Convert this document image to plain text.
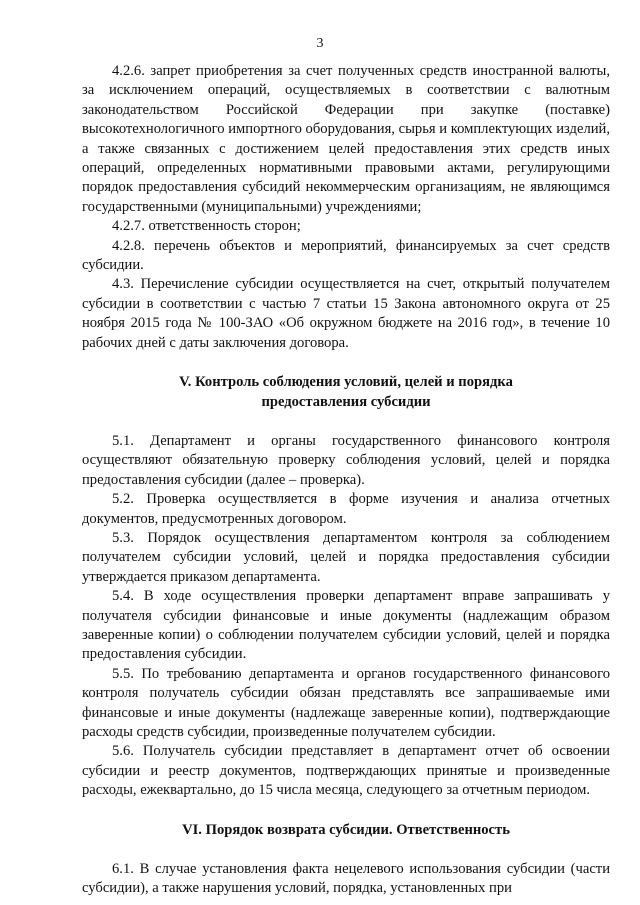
3

4.2.6. запрет приобретения за счет полученных средств иностранной валюты, за исключением операций, осуществляемых в соответствии с валютным законодательством Российской Федерации при закупке (поставке) высокотехнологичного импортного оборудования, сырья и комплектующих изделий, а также связанных с достижением целей предоставления этих средств иных операций, определенных нормативными правовыми актами, регулирующими порядок предоставления субсидий некоммерческим организациям, не являющимся государственными (муниципальными) учреждениями;

4.2.7. ответственность сторон;

4.2.8. перечень объектов и мероприятий, финансируемых за счет средств субсидии.

4.3. Перечисление субсидии осуществляется на счет, открытый получателем субсидии в соответствии с частью 7 статьи 15 Закона автономного округа от 25 ноября 2015 года № 100-ЗАО «Об окружном бюджете на 2016 год», в течение 10 рабочих дней с даты заключения договора.

V. Контроль соблюдения условий, целей и порядка

предоставления субсидии

5.1. Департамент и органы государственного финансового контроля осуществляют обязательную проверку соблюдения условий, целей и порядка предоставления субсидии (далее – проверка).

5.2. Проверка осуществляется в форме изучения и анализа отчетных документов, предусмотренных договором.

5.3. Порядок осуществления департаментом контроля за соблюдением получателем субсидии условий, целей и порядка предоставления субсидии утверждается приказом департамента.

5.4. В ходе осуществления проверки департамент вправе запрашивать у получателя субсидии финансовые и иные документы (надлежащим образом заверенные копии) о соблюдении получателем субсидии условий, целей и порядка предоставления субсидии.

5.5. По требованию департамента и органов государственного финансового контроля получатель субсидии обязан представлять все запрашиваемые ими финансовые и иные документы (надлежаще заверенные копии), подтверждающие расходы средств субсидии, произведенные получателем субсидии.

5.6. Получатель субсидии представляет в департамент отчет об освоении субсидии и реестр документов, подтверждающих принятые и произведенные расходы, ежеквартально, до 15 числа месяца, следующего за отчетным периодом.

VI. Порядок возврата субсидии. Ответственность

6.1. В случае установления факта нецелевого использования субсидии (части субсидии), а также нарушения условий, порядка, установленных при
